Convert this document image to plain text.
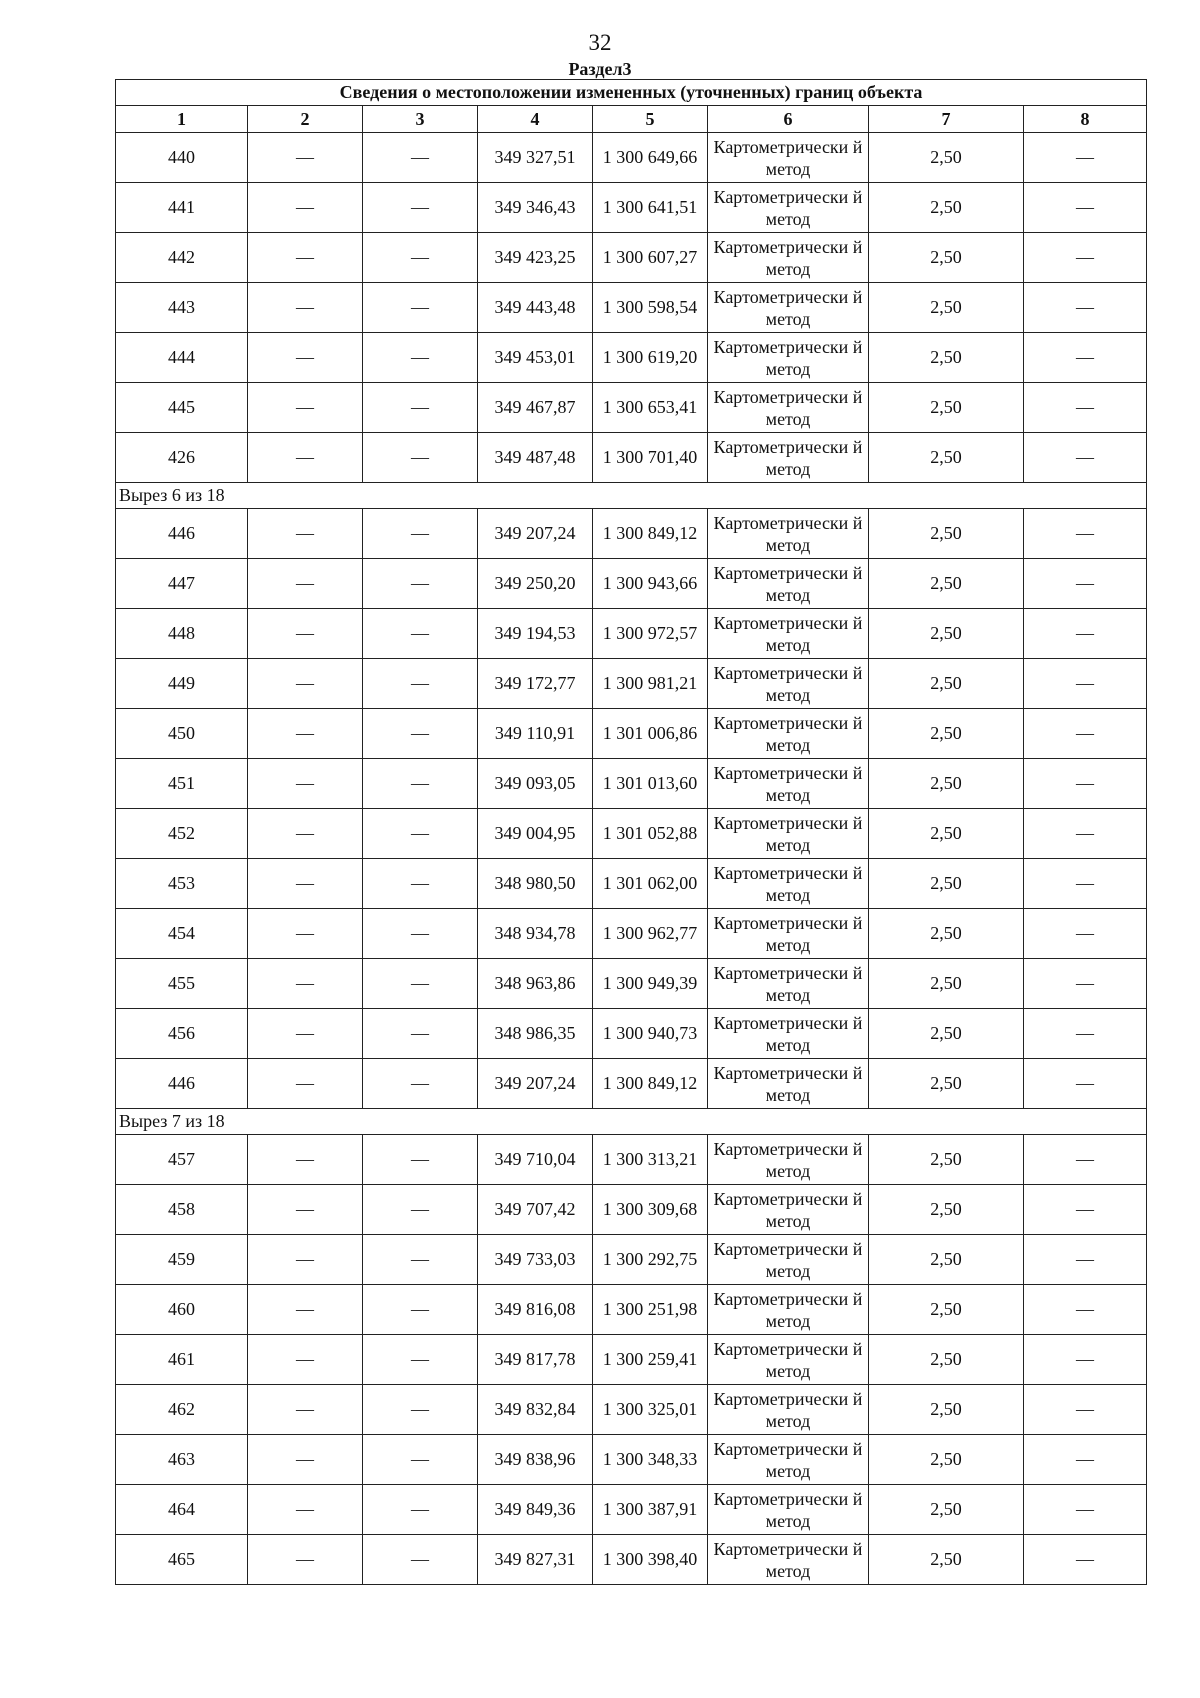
32
Раздел3
Сведения о местоположении измененных (уточненных) границ объекта							
1	2	3	4	5	6	7	8
440	—	—	349 327,51	1 300 649,66	Картометрически й метод	2,50	—
441	—	—	349 346,43	1 300 641,51	Картометрически й метод	2,50	—
442	—	—	349 423,25	1 300 607,27	Картометрически й метод	2,50	—
443	—	—	349 443,48	1 300 598,54	Картометрически й метод	2,50	—
444	—	—	349 453,01	1 300 619,20	Картометрически й метод	2,50	—
445	—	—	349 467,87	1 300 653,41	Картометрически й метод	2,50	—
426	—	—	349 487,48	1 300 701,40	Картометрически й метод	2,50	—
Вырез 6 из 18							
446	—	—	349 207,24	1 300 849,12	Картометрически й метод	2,50	—
447	—	—	349 250,20	1 300 943,66	Картометрически й метод	2,50	—
448	—	—	349 194,53	1 300 972,57	Картометрически й метод	2,50	—
449	—	—	349 172,77	1 300 981,21	Картометрически й метод	2,50	—
450	—	—	349 110,91	1 301 006,86	Картометрически й метод	2,50	—
451	—	—	349 093,05	1 301 013,60	Картометрически й метод	2,50	—
452	—	—	349 004,95	1 301 052,88	Картометрически й метод	2,50	—
453	—	—	348 980,50	1 301 062,00	Картометрически й метод	2,50	—
454	—	—	348 934,78	1 300 962,77	Картометрически й метод	2,50	—
455	—	—	348 963,86	1 300 949,39	Картометрически й метод	2,50	—
456	—	—	348 986,35	1 300 940,73	Картометрически й метод	2,50	—
446	—	—	349 207,24	1 300 849,12	Картометрически й метод	2,50	—
Вырез 7 из 18							
457	—	—	349 710,04	1 300 313,21	Картометрически й метод	2,50	—
458	—	—	349 707,42	1 300 309,68	Картометрически й метод	2,50	—
459	—	—	349 733,03	1 300 292,75	Картометрически й метод	2,50	—
460	—	—	349 816,08	1 300 251,98	Картометрически й метод	2,50	—
461	—	—	349 817,78	1 300 259,41	Картометрически й метод	2,50	—
462	—	—	349 832,84	1 300 325,01	Картометрически й метод	2,50	—
463	—	—	349 838,96	1 300 348,33	Картометрически й метод	2,50	—
464	—	—	349 849,36	1 300 387,91	Картометрически й метод	2,50	—
465	—	—	349 827,31	1 300 398,40	Картометрически й метод	2,50	—
